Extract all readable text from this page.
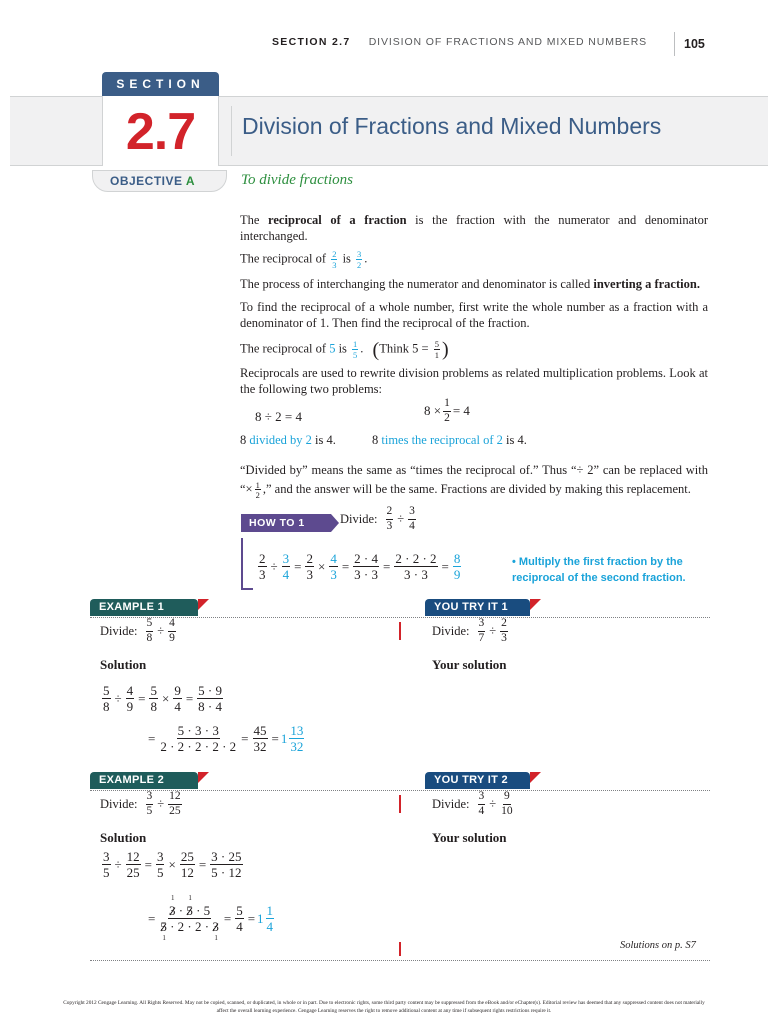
SECTION 2.7 DIVISION OF FRACTIONS AND MIXED NUMBERS	105
SECTION
2.7	Division of Fractions and Mixed Numbers
OBJECTIVE A	To divide fractions
The reciprocal of a fraction is the fraction with the numerator and denominator interchanged.
The reciprocal of $\frac{2}{3}$ is $\frac{3}{2}$ .
The process of interchanging the numerator and denominator is called inverting a fraction.
To find the reciprocal of a whole number, first write the whole number as a fraction with a denominator of 1. Then find the reciprocal of the fraction.
The reciprocal of 5 is $\frac{1}{5}$ . (Think $5 = \frac{5}{1}$ )
Reciprocals are used to rewrite division problems as related multiplication problems. Look at the following two problems:
8 ÷ 2 = 4	$8 \times \frac{1}{2} = 4$
8 divided by 2 is 4.	8 times the reciprocal of 2 is 4.
“Divided by” means the same as “times the reciprocal of.” Thus “÷ 2” can be replaced with “× $\frac{1}{2}$ ,” and the answer will be the same. Fractions are divided by making this replacement.
HOW TO 1	Divide: $\frac{2}{3} \div \frac{3}{4}$
$\frac{2}{3} \div \frac{3}{4} = \frac{2}{3} \times \frac{4}{3} = \frac{2 \cdot 4}{3 \cdot 3} = \frac{2 \cdot 2 \cdot 2}{3 \cdot 3} = \frac{8}{9}$	• Multiply the first fraction by the reciprocal of the second fraction.
EXAMPLE 1	YOU TRY IT 1
Divide: $\frac{5}{8} \div \frac{4}{9}$
Solution
$\frac{5}{8} \div \frac{4}{9} = \frac{5}{8} \times \frac{9}{4} = \frac{5 \cdot 9}{8 \cdot 4}$
= $\frac{5 \cdot 3 \cdot 3}{2 \cdot 2 \cdot 2 \cdot 2 \cdot 2} = \frac{45}{32} = 1$ 13
32
Divide: $\frac{3}{7} \div \frac{2}{3}$
Your solution
EXAMPLE 2	YOU TRY IT 2
Divide: $\frac{3}{5} \div \frac{12}{25}$
Solution
$\frac{3}{5} \div \frac{12}{25} = \frac{3}{5} \times \frac{25}{12} = \frac{3 \cdot 25}{5 \cdot 12}$
= 3
1
· 5
1
· 5
5
1
· 2 · 2 · 3
$1 = \frac{5}{4} = 1$ 1
4
Divide: $\frac{3}{4} \div \frac{9}{10}$
Your solution
Solutions on p. S7
Copyright 2012 Cengage Learning. All Rights Reserved. May not be copied, scanned, or duplicated, in whole or in part. Due to electronic rights, some third party content may be suppressed from the eBook and/or eChapter(s). Editorial review has deemed that any suppressed content does not materially affect the overall learning experience. Cengage Learning reserves the right to remove additional content at any time if subsequent rights restrictions require it.
